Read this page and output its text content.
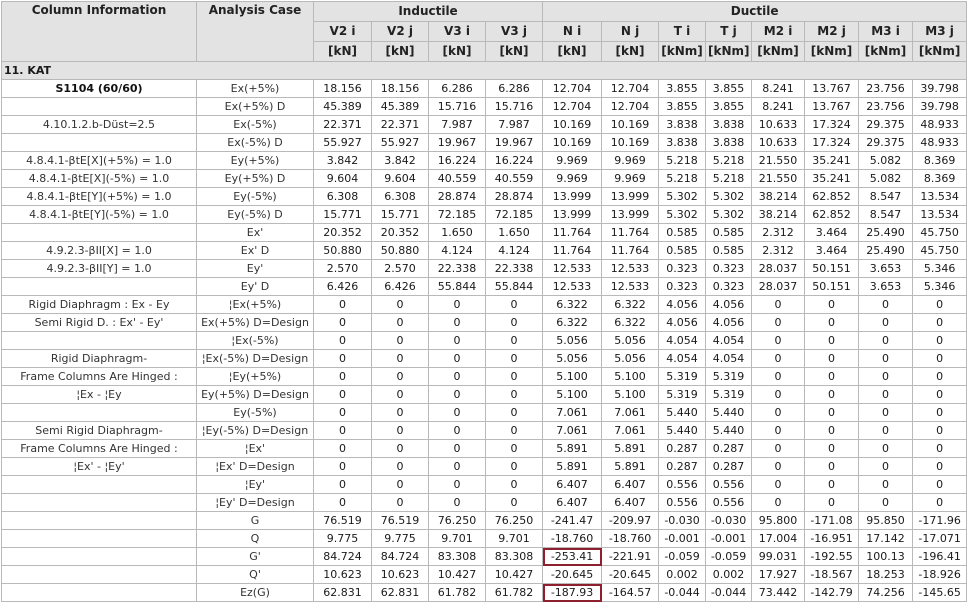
Column Information	Analysis Case	Inductile				Ductile							
		V2 i	V2 j	V3 i	V3 j	N i	N j	T i	T j	M2 i	M2 j	M3 i	M3 j
		[kN]	[kN]	[kN]	[kN]	[kN]	[kN]	[kNm]	[kNm]	[kNm]	[kNm]	[kNm]	[kNm]
11. KAT													
S1104 (60/60)	Ex(+5%)	18.156	18.156	6.286	6.286	12.704	12.704	3.855	3.855	8.241	13.767	23.756	39.798
	Ex(+5%) D	45.389	45.389	15.716	15.716	12.704	12.704	3.855	3.855	8.241	13.767	23.756	39.798
4.10.1.2.b-Düst=2.5	Ex(-5%)	22.371	22.371	7.987	7.987	10.169	10.169	3.838	3.838	10.633	17.324	29.375	48.933
	Ex(-5%) D	55.927	55.927	19.967	19.967	10.169	10.169	3.838	3.838	10.633	17.324	29.375	48.933
4.8.4.1-βtE[X](+5%) = 1.0	Ey(+5%)	3.842	3.842	16.224	16.224	9.969	9.969	5.218	5.218	21.550	35.241	5.082	8.369
4.8.4.1-βtE[X](-5%) = 1.0	Ey(+5%) D	9.604	9.604	40.559	40.559	9.969	9.969	5.218	5.218	21.550	35.241	5.082	8.369
4.8.4.1-βtE[Y](+5%) = 1.0	Ey(-5%)	6.308	6.308	28.874	28.874	13.999	13.999	5.302	5.302	38.214	62.852	8.547	13.534
4.8.4.1-βtE[Y](-5%) = 1.0	Ey(-5%) D	15.771	15.771	72.185	72.185	13.999	13.999	5.302	5.302	38.214	62.852	8.547	13.534
	Ex'	20.352	20.352	1.650	1.650	11.764	11.764	0.585	0.585	2.312	3.464	25.490	45.750
4.9.2.3-βII[X] = 1.0	Ex' D	50.880	50.880	4.124	4.124	11.764	11.764	0.585	0.585	2.312	3.464	25.490	45.750
4.9.2.3-βII[Y] = 1.0	Ey'	2.570	2.570	22.338	22.338	12.533	12.533	0.323	0.323	28.037	50.151	3.653	5.346
	Ey' D	6.426	6.426	55.844	55.844	12.533	12.533	0.323	0.323	28.037	50.151	3.653	5.346
Rigid Diaphragm : Ex - Ey	¦Ex(+5%)	0	0	0	0	6.322	6.322	4.056	4.056	0	0	0	0
Semi Rigid D. : Ex' - Ey'	Ex(+5%) D=Design	0	0	0	0	6.322	6.322	4.056	4.056	0	0	0	0
	¦Ex(-5%)	0	0	0	0	5.056	5.056	4.054	4.054	0	0	0	0
Rigid Diaphragm-	¦Ex(-5%) D=Design	0	0	0	0	5.056	5.056	4.054	4.054	0	0	0	0
Frame Columns Are Hinged :	¦Ey(+5%)	0	0	0	0	5.100	5.100	5.319	5.319	0	0	0	0
¦Ex - ¦Ey	Ey(+5%) D=Design	0	0	0	0	5.100	5.100	5.319	5.319	0	0	0	0
	Ey(-5%)	0	0	0	0	7.061	7.061	5.440	5.440	0	0	0	0
Semi Rigid Diaphragm-	¦Ey(-5%) D=Design	0	0	0	0	7.061	7.061	5.440	5.440	0	0	0	0
Frame Columns Are Hinged :	¦Ex'	0	0	0	0	5.891	5.891	0.287	0.287	0	0	0	0
¦Ex' - ¦Ey'	¦Ex' D=Design	0	0	0	0	5.891	5.891	0.287	0.287	0	0	0	0
	¦Ey'	0	0	0	0	6.407	6.407	0.556	0.556	0	0	0	0
	¦Ey' D=Design	0	0	0	0	6.407	6.407	0.556	0.556	0	0	0	0
	G	76.519	76.519	76.250	76.250	-241.47	-209.97	-0.030	-0.030	95.800	-171.08	95.850	-171.96
	Q	9.775	9.775	9.701	9.701	-18.760	-18.760	-0.001	-0.001	17.004	-16.951	17.142	-17.071
	G'	84.724	84.724	83.308	83.308	-253.41	-221.91	-0.059	-0.059	99.031	-192.55	100.13	-196.41
	Q'	10.623	10.623	10.427	10.427	-20.645	-20.645	0.002	0.002	17.927	-18.567	18.253	-18.926
	Ez(G)	62.831	62.831	61.782	61.782	-187.93	-164.57	-0.044	-0.044	73.442	-142.79	74.256	-145.65
